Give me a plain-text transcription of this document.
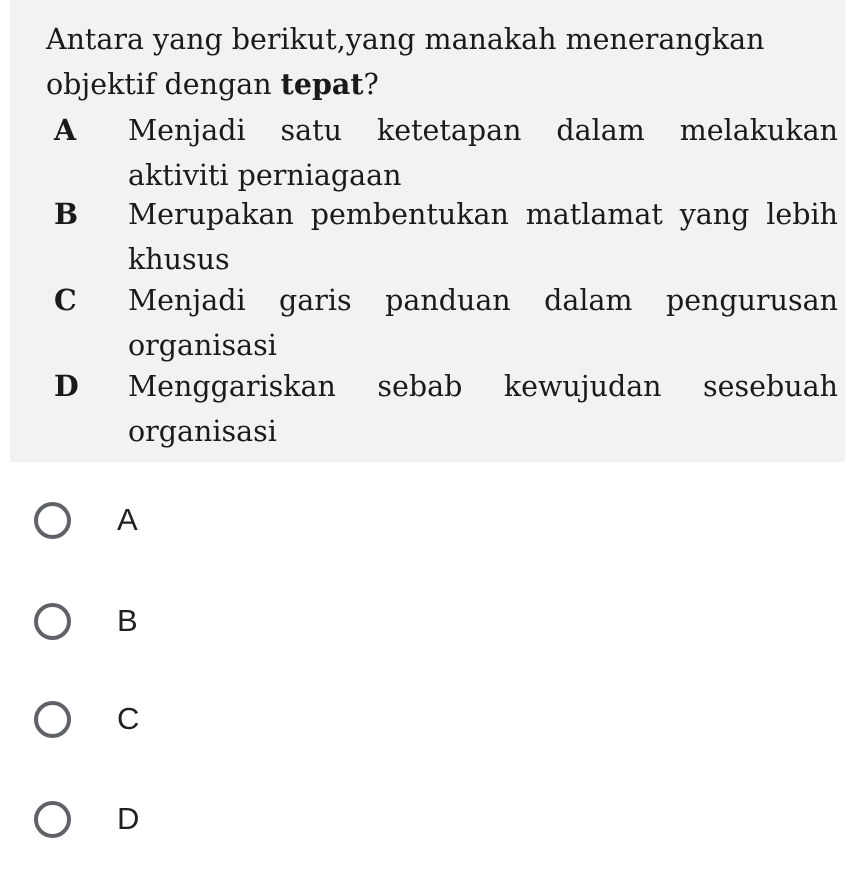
Antara yang berikut,yang manakah menerangkan objektif dengan tepat?
A Menjadi satu ketetapan dalam melakukan aktiviti perniagaan
B Merupakan pembentukan matlamat yang lebih khusus
C Menjadi garis panduan dalam pengurusan organisasi
D Menggariskan sebab kewujudan sesebuah organisasi
A
B
C
D
